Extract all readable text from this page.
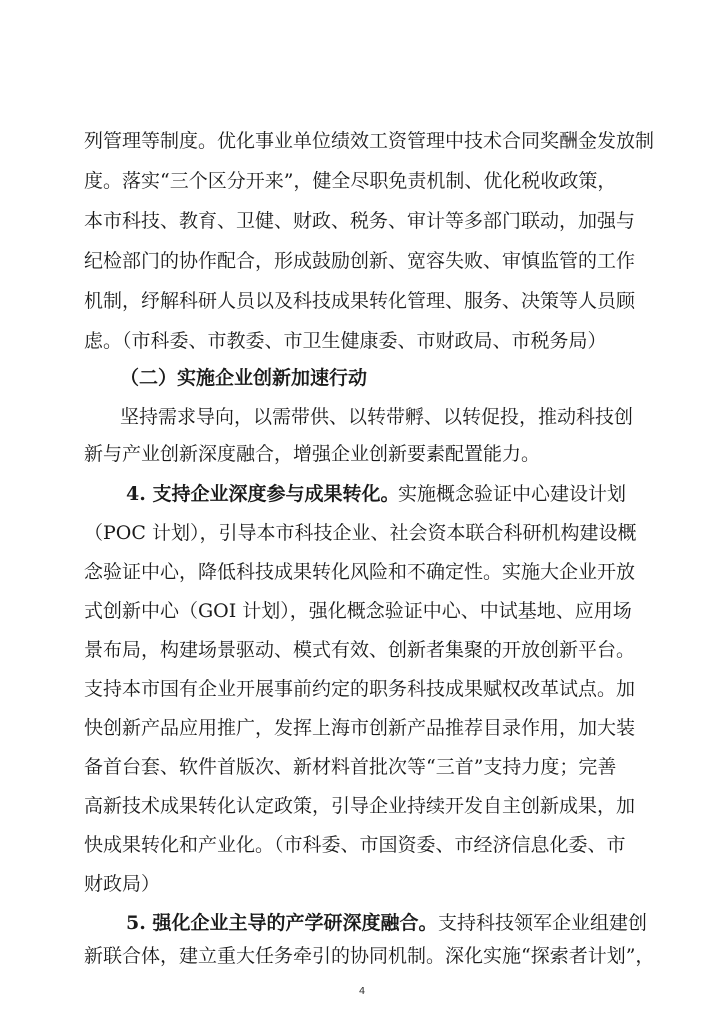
列管理等制度。优化事业单位绩效工资管理中技术合同奖酬金发放制
度。落实“三个区分开来”，健全尽职免责机制、优化税收政策，
本市科技、教育、卫健、财政、税务、审计等多部门联动，加强与
纪检部门的协作配合，形成鼓励创新、宽容失败、审慎监管的工作
机制，纾解科研人员以及科技成果转化管理、服务、决策等人员顾
虑。（市科委、市教委、市卫生健康委、市财政局、市税务局）
（二）实施企业创新加速行动
坚持需求导向，以需带供、以转带孵、以转促投，推动科技创
新与产业创新深度融合，增强企业创新要素配置能力。
4. 支持企业深度参与成果转化。
实施概念验证中心建设计划
（POC 计划），引导本市科技企业、社会资本联合科研机构建设概
念验证中心，降低科技成果转化风险和不确定性。实施大企业开放
式创新中心（GOI 计划），强化概念验证中心、中试基地、应用场
景布局，构建场景驱动、模式有效、创新者集聚的开放创新平台。
支持本市国有企业开展事前约定的职务科技成果赋权改革试点。加
快创新产品应用推广，发挥上海市创新产品推荐目录作用，加大装
备首台套、软件首版次、新材料首批次等“三首”支持力度；完善
高新技术成果转化认定政策，引导企业持续开发自主创新成果，加
快成果转化和产业化。（市科委、市国资委、市经济信息化委、市
财政局）
5. 强化企业主导的产学研深度融合。 支持科技领军企业组建创
新联合体，建立重大任务牵引的协同机制。深化实施“探索者计划”，
4
